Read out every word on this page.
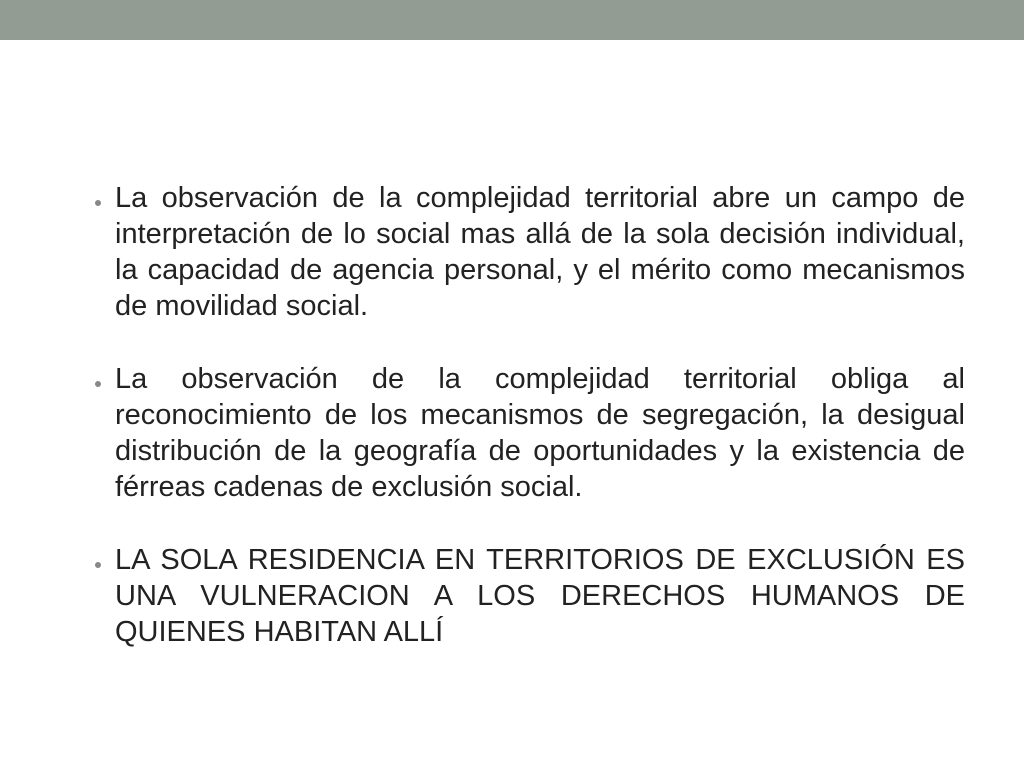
La observación de la complejidad territorial abre un campo de interpretación de lo social mas allá de la sola decisión individual, la capacidad de agencia personal, y el mérito como mecanismos de movilidad social.
La observación de la complejidad territorial obliga al reconocimiento de los mecanismos de segregación, la desigual distribución de la geografía de oportunidades y la existencia de férreas cadenas de exclusión social.
LA SOLA RESIDENCIA EN TERRITORIOS DE EXCLUSIÓN ES UNA VULNERACION A LOS DERECHOS HUMANOS DE QUIENES HABITAN ALLÍ
